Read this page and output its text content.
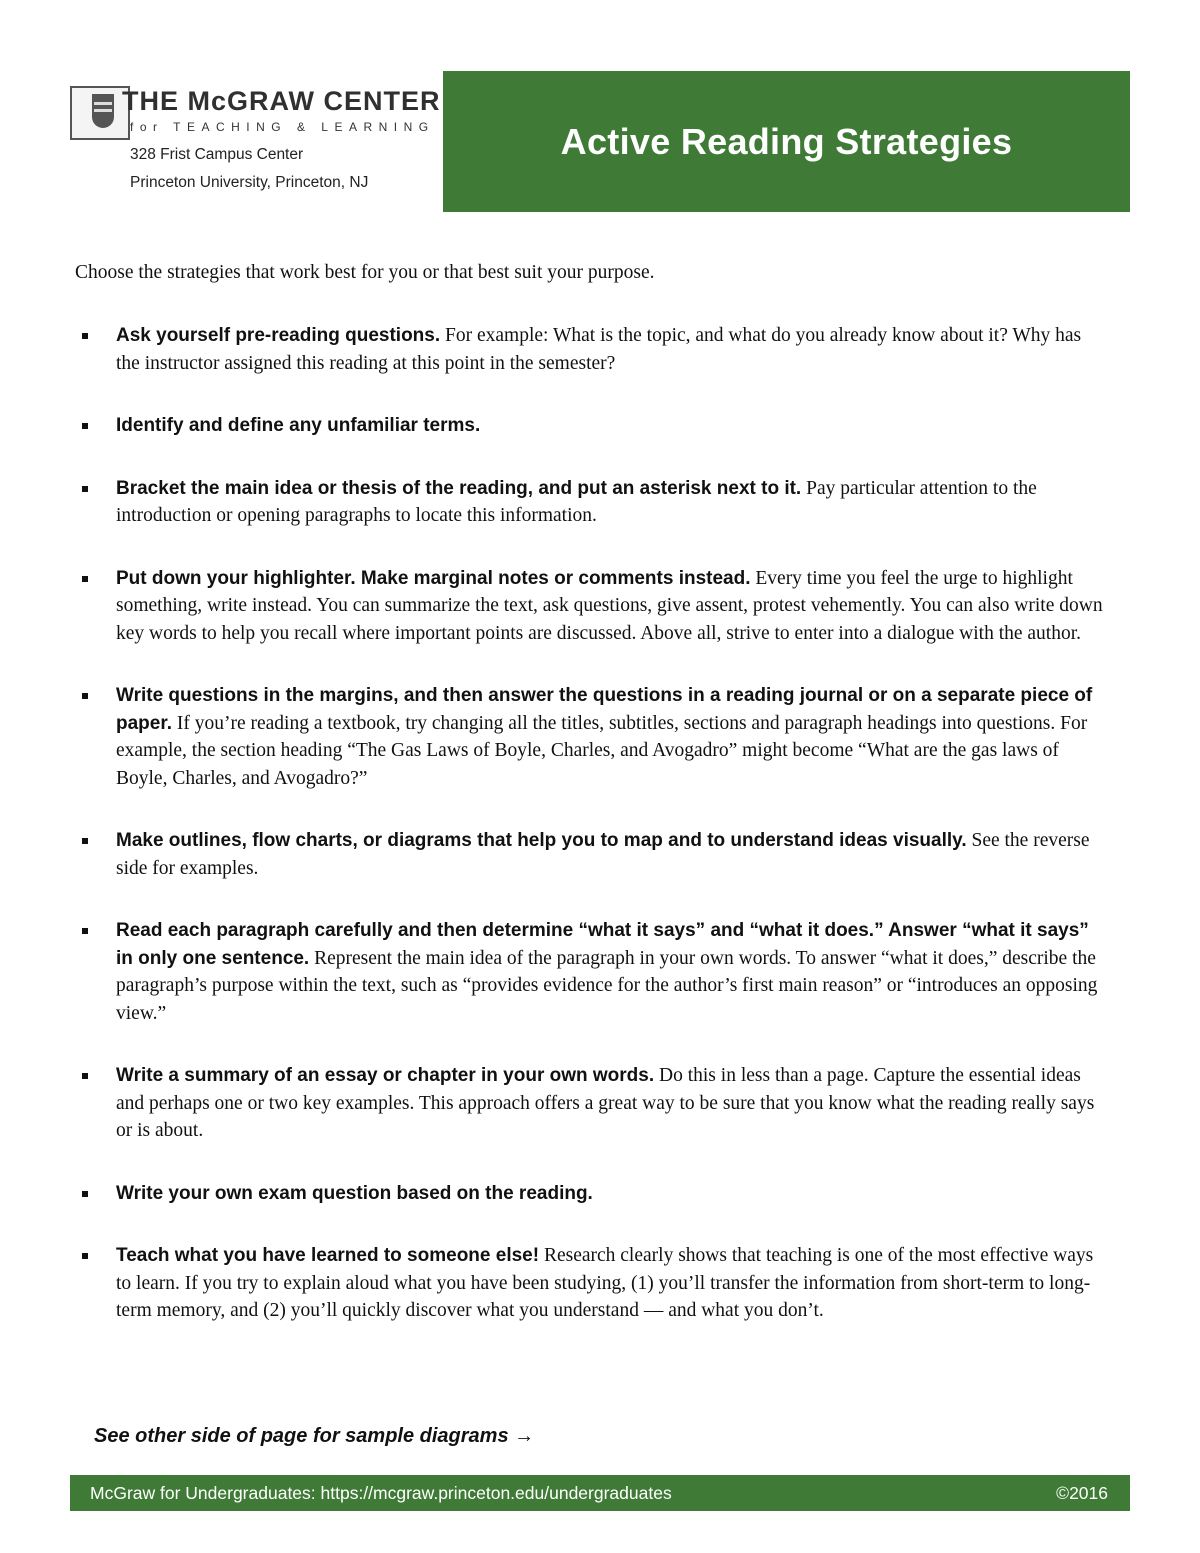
THE McGRAW CENTER
for TEACHING & LEARNING
328 Frist Campus Center
Princeton University, Princeton, NJ
Active Reading Strategies
Choose the strategies that work best for you or that best suit your purpose.
Ask yourself pre-reading questions. For example: What is the topic, and what do you already know about it? Why has the instructor assigned this reading at this point in the semester?
Identify and define any unfamiliar terms.
Bracket the main idea or thesis of the reading, and put an asterisk next to it. Pay particular attention to the introduction or opening paragraphs to locate this information.
Put down your highlighter. Make marginal notes or comments instead. Every time you feel the urge to highlight something, write instead. You can summarize the text, ask questions, give assent, protest vehemently. You can also write down key words to help you recall where important points are discussed. Above all, strive to enter into a dialogue with the author.
Write questions in the margins, and then answer the questions in a reading journal or on a separate piece of paper. If you’re reading a textbook, try changing all the titles, subtitles, sections and paragraph headings into questions. For example, the section heading “The Gas Laws of Boyle, Charles, and Avogadro” might become “What are the gas laws of Boyle, Charles, and Avogadro?”
Make outlines, flow charts, or diagrams that help you to map and to understand ideas visually. See the reverse side for examples.
Read each paragraph carefully and then determine “what it says” and “what it does.” Answer “what it says” in only one sentence. Represent the main idea of the paragraph in your own words. To answer “what it does,” describe the paragraph’s purpose within the text, such as “provides evidence for the author’s first main reason” or “introduces an opposing view.”
Write a summary of an essay or chapter in your own words. Do this in less than a page. Capture the essential ideas and perhaps one or two key examples. This approach offers a great way to be sure that you know what the reading really says or is about.
Write your own exam question based on the reading.
Teach what you have learned to someone else! Research clearly shows that teaching is one of the most effective ways to learn. If you try to explain aloud what you have been studying, (1) you’ll transfer the information from short-term to long-term memory, and (2) you’ll quickly discover what you understand — and what you don’t.
See other side of page for sample diagrams →
McGraw for Undergraduates: https://mcgraw.princeton.edu/undergraduates	©2016
